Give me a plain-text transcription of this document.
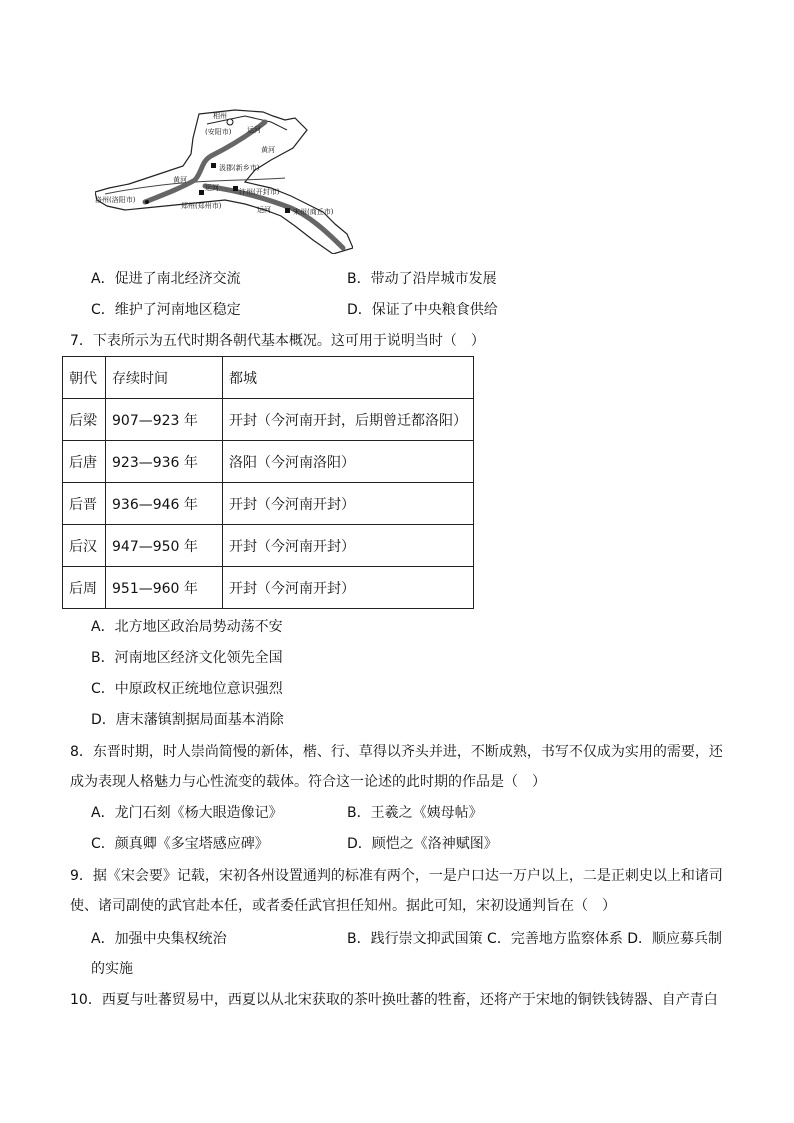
相州
(安阳市) 运河
黄河
汲郡(新乡市)
黄河
运河	汴州(开封市)
洛州(洛阳市)
郑州(郑州市)	运河	宋州(商丘市)
A．促进了南北经济交流	B．带动了沿岸城市发展
C．维护了河南地区稳定	D．保证了中央粮食供给
7．下表所示为五代时期各朝代基本概况。这可用于说明当时（　）
朝代	存续时间	都城
后梁	907—923 年	开封（今河南开封，后期曾迁都洛阳）
后唐	923—936 年	洛阳（今河南洛阳）
后晋	936—946 年	开封（今河南开封）
后汉	947—950 年	开封（今河南开封）
后周	951—960 年	开封（今河南开封）
A．北方地区政治局势动荡不安
B．河南地区经济文化领先全国
C．中原政权正统地位意识强烈
D．唐末藩镇割据局面基本消除
8．东晋时期，时人崇尚简慢的新体，楷、行、草得以齐头并进，不断成熟，书写不仅成为实用的需要，还
成为表现人格魅力与心性流变的载体。符合这一论述的此时期的作品是（　）
A．龙门石刻《杨大眼造像记》	B．王羲之《姨母帖》
C．颜真卿《多宝塔感应碑》	D．顾恺之《洛神赋图》
9．据《宋会要》记载，宋初各州设置通判的标准有两个，一是户口达一万户以上，二是正刺史以上和诸司
使、诸司副使的武官赴本任，或者委任武官担任知州。据此可知，宋初设通判旨在（　）
A．加强中央集权统治	B．践行崇文抑武国策 C．完善地方监察体系 D．顺应募兵制
的实施
10．西夏与吐蕃贸易中，西夏以从北宋获取的茶叶换吐蕃的牲畜，还将产于宋地的铜铁钱铸器、自产青白
